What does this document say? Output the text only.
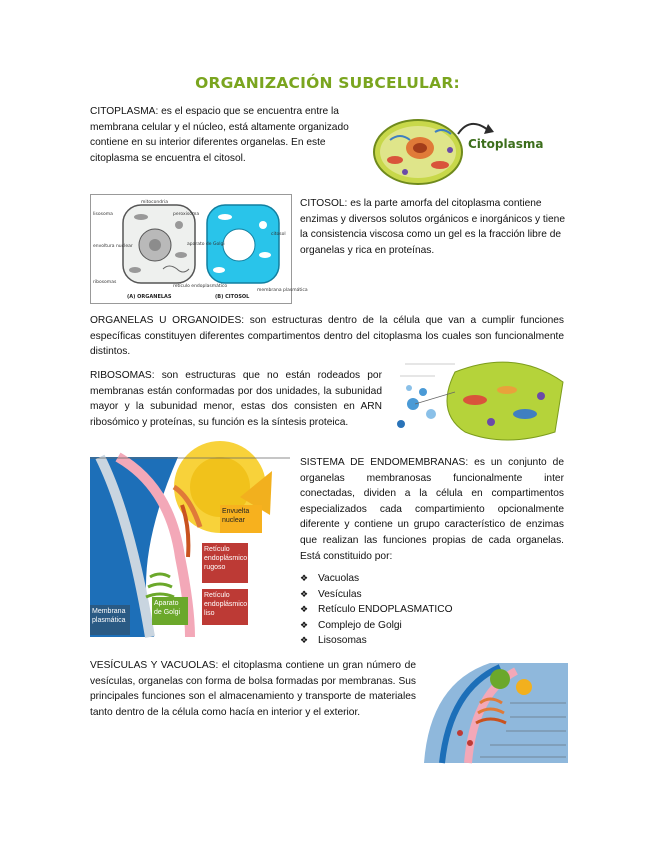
ORGANIZACIÓN SUBCELULAR:

CITOPLASMA: es el espacio que se encuentra entre la membrana celular y el núcleo, está altamente organizado contiene en su interior diferentes organelas. En este citoplasma se encuentra el citosol.

Citoplasma
lisosoma
mitocondria
peroxisoma
envoltura nuclear	aparato de Golgi
ribosomas
retículo endoplasmático
citosol
membrana plasmática
(A) ORGANELAS	(B) CITOSOL

CITOSOL: es la parte amorfa del citoplasma contiene enzimas y diversos solutos orgánicos e inorgánicos y tiene la consistencia viscosa como un gel es la fracción libre de organelas y rica en proteínas.

ORGANELAS U ORGANOIDES: son estructuras dentro de la célula que van a cumplir funciones específicas constituyen diferentes compartimentos dentro del citoplasma los cuales son funcionalmente distintos.

RIBOSOMAS: son estructuras que no están rodeados por membranas están conformadas por dos unidades, la subunidad mayor y la subunidad menor, estas dos consisten en ARN ribosómico y proteínas, su función es la síntesis proteica.

Envuelta nuclear
Retículo endoplásmico rugoso
Retículo endoplásmico liso
Aparato de Golgi
Membrana plasmática

SISTEMA DE ENDOMEMBRANAS: es un conjunto de organelas membranosas funcionalmente inter conectadas, dividen a la célula en compartimentos especializados cada compartimiento opcionalmente diferente y contiene un grupo característico de enzimas que realizan las funciones propias de cada organelas. Está constituido por:

❖ Vacuolas
❖ Vesículas
❖ Retículo ENDOPLASMATICO
❖ Complejo de Golgi
❖ Lisosomas

VESÍCULAS Y VACUOLAS: el citoplasma contiene un gran número de vesículas, organelas con forma de bolsa formadas por membranas. Sus principales funciones son el almacenamiento y transporte de materiales tanto dentro de la célula como hacía en interior y el exterior.
